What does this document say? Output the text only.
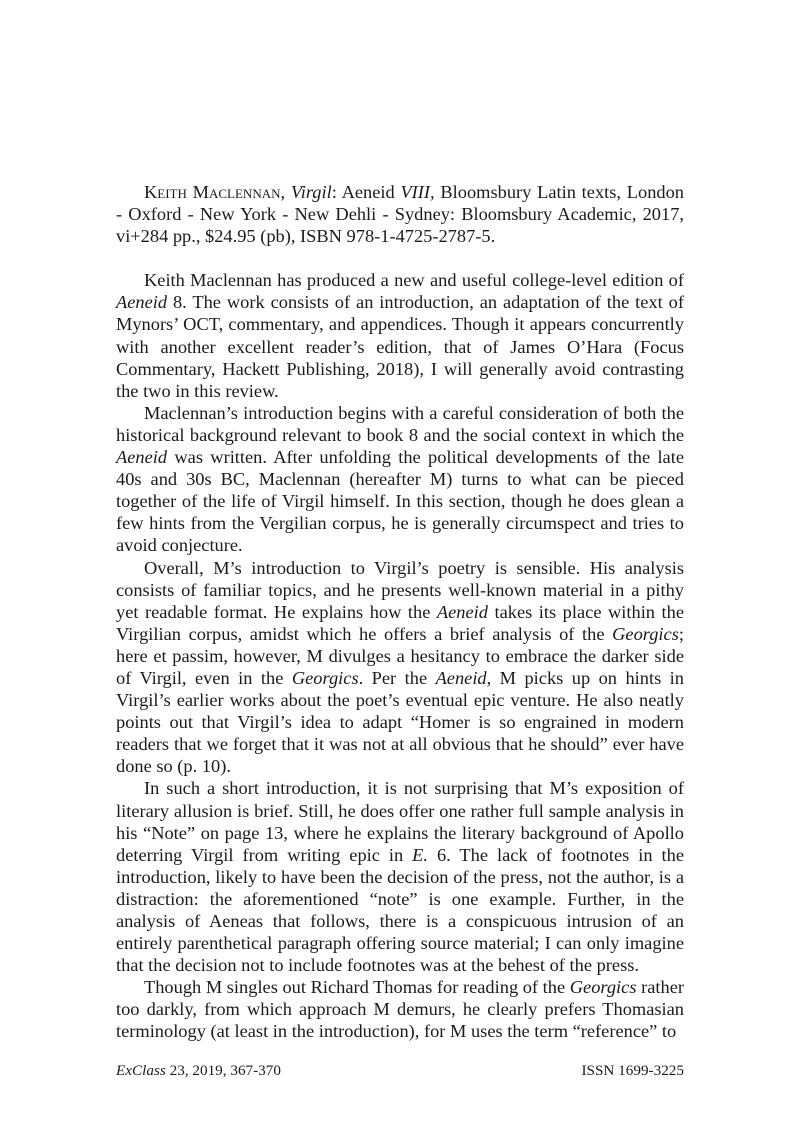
Keith Maclennan, Virgil: Aeneid VIII, Bloomsbury Latin texts, London - Oxford - New York - New Dehli - Sydney: Bloomsbury Academic, 2017, vi+284 pp., $24.95 (pb), ISBN 978-1-4725-2787-5.

Keith Maclennan has produced a new and useful college-level edition of Aeneid 8. The work consists of an introduction, an adaptation of the text of Mynors’ OCT, commentary, and appendices. Though it appears concurrently with another excellent reader’s edition, that of James O’Hara (Focus Commentary, Hackett Publishing, 2018), I will generally avoid contrasting the two in this review.

Maclennan’s introduction begins with a careful consideration of both the historical background relevant to book 8 and the social context in which the Aeneid was written. After unfolding the political developments of the late 40s and 30s BC, Maclennan (hereafter M) turns to what can be pieced together of the life of Virgil himself. In this section, though he does glean a few hints from the Vergilian corpus, he is generally circumspect and tries to avoid conjecture.

Overall, M’s introduction to Virgil’s poetry is sensible. His analysis consists of familiar topics, and he presents well-known material in a pithy yet readable format. He explains how the Aeneid takes its place within the Virgilian corpus, amidst which he offers a brief analysis of the Georgics; here et passim, however, M divulges a hesitancy to embrace the darker side of Virgil, even in the Georgics. Per the Aeneid, M picks up on hints in Virgil’s earlier works about the poet’s eventual epic venture. He also neatly points out that Virgil’s idea to adapt “Homer is so engrained in modern readers that we forget that it was not at all obvious that he should” ever have done so (p. 10).

In such a short introduction, it is not surprising that M’s exposition of literary allusion is brief. Still, he does offer one rather full sample analysis in his “Note” on page 13, where he explains the literary background of Apollo deterring Virgil from writing epic in E. 6. The lack of footnotes in the introduction, likely to have been the decision of the press, not the author, is a distraction: the aforementioned “note” is one example. Further, in the analysis of Aeneas that follows, there is a conspicuous intrusion of an entirely parenthetical paragraph offering source material; I can only imagine that the decision not to include footnotes was at the behest of the press.

Though M singles out Richard Thomas for reading of the Georgics rather too darkly, from which approach M demurs, he clearly prefers Thomasian terminology (at least in the introduction), for M uses the term “reference” to

ExClass 23, 2019, 367-370	ISSN 1699-3225
